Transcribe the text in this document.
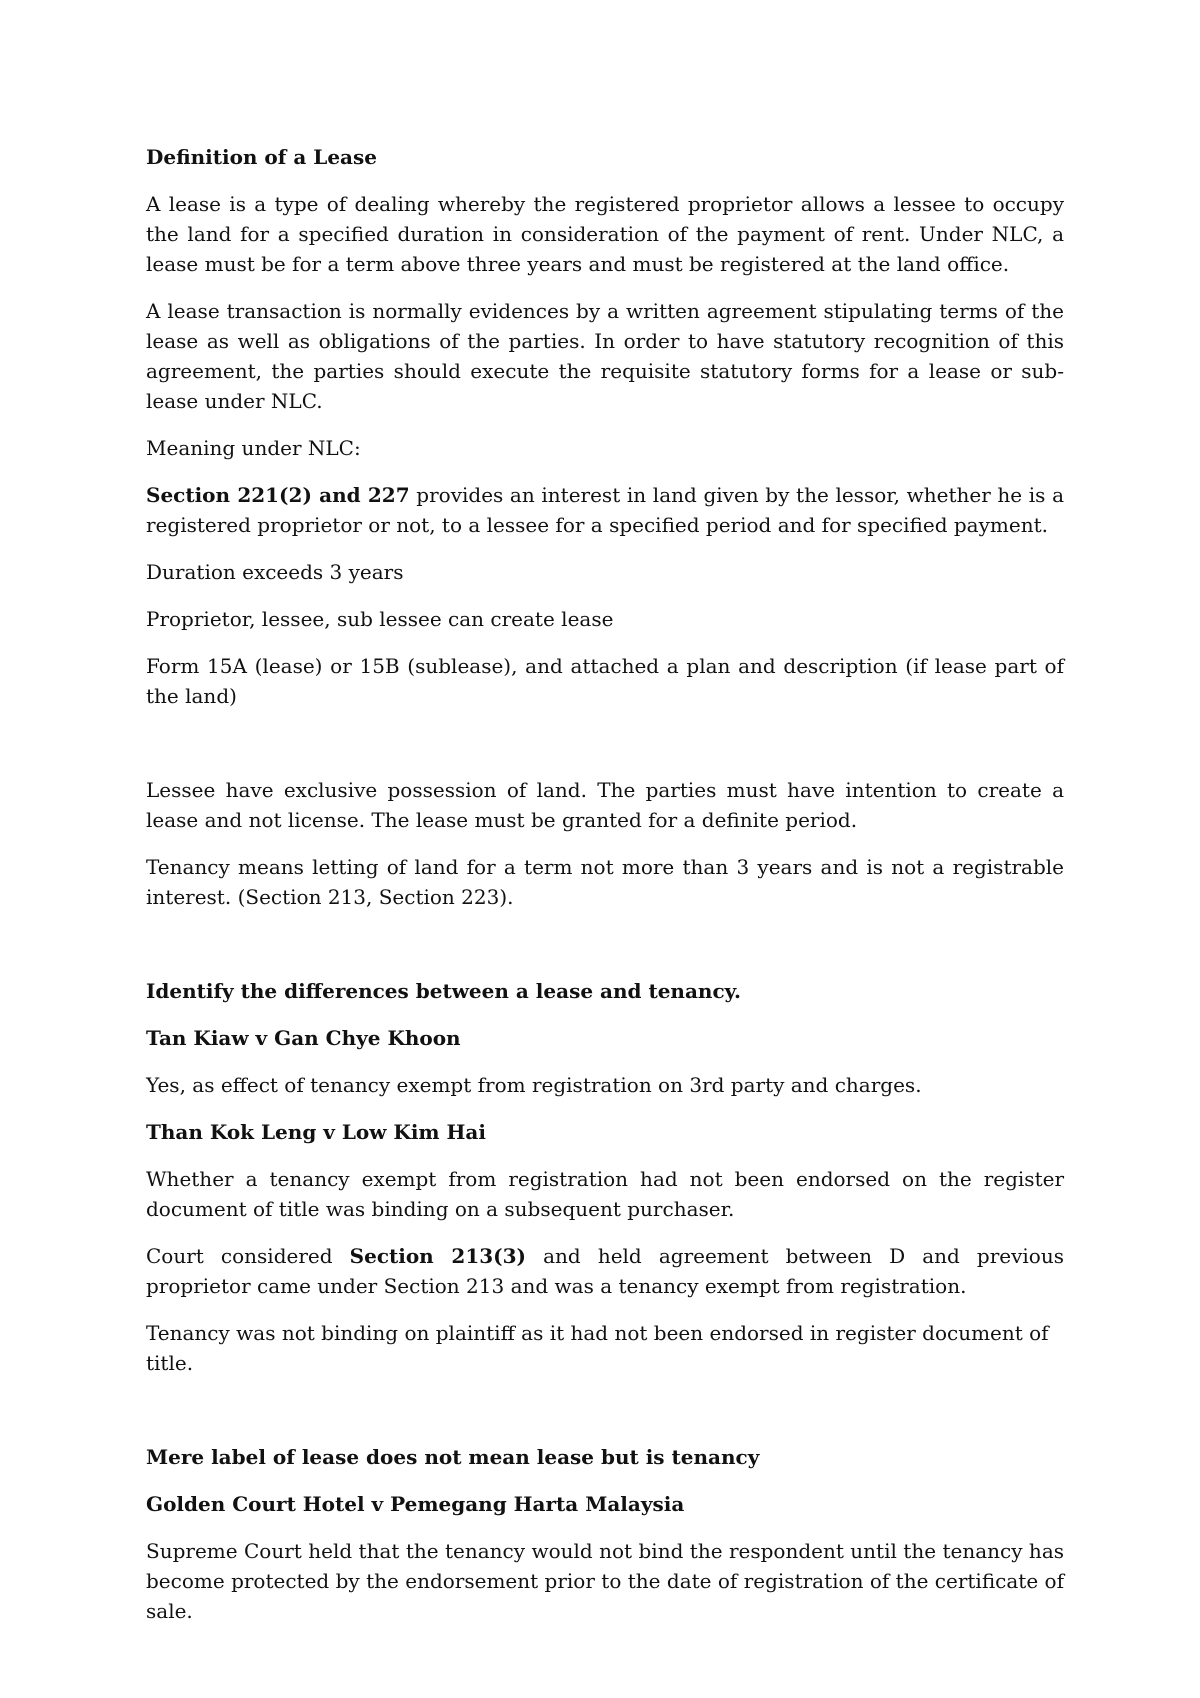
Definition of a Lease

A lease is a type of dealing whereby the registered proprietor allows a lessee to occupy the land for a specified duration in consideration of the payment of rent. Under NLC, a lease must be for a term above three years and must be registered at the land office.

A lease transaction is normally evidences by a written agreement stipulating terms of the lease as well as obligations of the parties. In order to have statutory recognition of this agreement, the parties should execute the requisite statutory forms for a lease or sub-lease under NLC.

Meaning under NLC:

Section 221(2) and 227 provides an interest in land given by the lessor, whether he is a registered proprietor or not, to a lessee for a specified period and for specified payment.

Duration exceeds 3 years

Proprietor, lessee, sub lessee can create lease

Form 15A (lease) or 15B (sublease), and attached a plan and description (if lease part of the land)

Lessee have exclusive possession of land. The parties must have intention to create a lease and not license. The lease must be granted for a definite period.

Tenancy means letting of land for a term not more than 3 years and is not a registrable interest. (Section 213, Section 223).

Identify the differences between a lease and tenancy.
Tan Kiaw v Gan Chye Khoon

Yes, as effect of tenancy exempt from registration on 3rd party and charges.

Than Kok Leng v Low Kim Hai

Whether a tenancy exempt from registration had not been endorsed on the register document of title was binding on a subsequent purchaser.

Court considered Section 213(3) and held agreement between D and previous proprietor came under Section 213 and was a tenancy exempt from registration.

Tenancy was not binding on plaintiff as it had not been endorsed in register document of title.

Mere label of lease does not mean lease but is tenancy
Golden Court Hotel v Pemegang Harta Malaysia

Supreme Court held that the tenancy would not bind the respondent until the tenancy has become protected by the endorsement prior to the date of registration of the certificate of sale.
